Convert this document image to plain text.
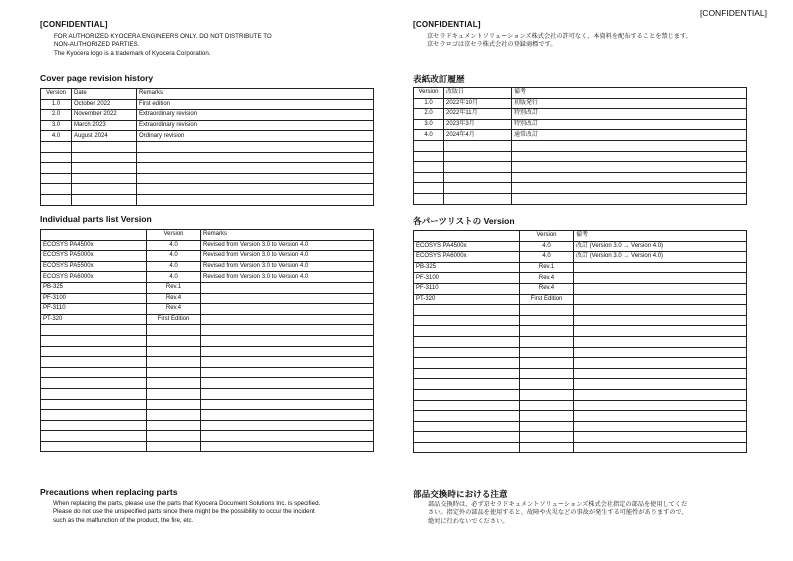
[CONFIDENTIAL]
[CONFIDENTIAL]
FOR AUTHORIZED KYOCERA ENGINEERS ONLY. DO NOT DISTRIBUTE TO
NON-AUTHORIZED PARTIES.
The Kyocera logo is a trademark of Kyocera Corporation.
Cover page revision history
Version	Date	Remarks
1.0	October 2022	First edition
2.0	November 2022	Extraordinary revision
3.0	March 2023	Extraordinary revision
4.0	August 2024	Ordinary revision

Individual parts list Version
	Version	Remarks
ECOSYS PA4500x	4.0	Revised from Version 3.0 to Version 4.0
ECOSYS PA5000x	4.0	Revised from Version 3.0 to Version 4.0
ECOSYS PA5500x	4.0	Revised from Version 3.0 to Version 4.0
ECOSYS PA6000x	4.0	Revised from Version 3.0 to Version 4.0
PB-325	Rev.1	
PF-3100	Rev.4	
PF-3110	Rev.4	
PT-320	First Edition	

Precautions when replacing parts
When replacing the parts, please use the parts that Kyocera Document Solutions Inc. is specified.
Please do not use the unspecified parts since there might be the possibility to occur the incident
such as the malfunction of the product, the fire, etc.
[CONFIDENTIAL]
京セラドキュメントソリューションズ株式会社の許可なく、本資料を配布することを禁じます。
京セラロゴは京セラ株式会社の登録商標です。
表紙改訂履歴
Version	改版日	備考
1.0	2022年10月	初版発行
2.0	2022年11月	特別改訂
3.0	2023年3月	特別改訂
4.0	2024年4月	通常改訂

各パーツリストの Version
	Version	備考
ECOSYS PA4500x	4.0	改訂 (Version 3.0 → Version 4.0)
ECOSYS PA6000x	4.0	改訂 (Version 3.0 → Version 4.0)
PB-325	Rev.1	
PF-3100	Rev.4	
PF-3110	Rev.4	
PT-320	First Edition	

部品交換時における注意
部品交換時は、必ず京セラドキュメントソリューションズ株式会社指定の部品を使用してくだ
さい。指定外の部品を使用すると、故障や火災などの事故が発生する可能性がありますので、
絶対に行わないでください。
